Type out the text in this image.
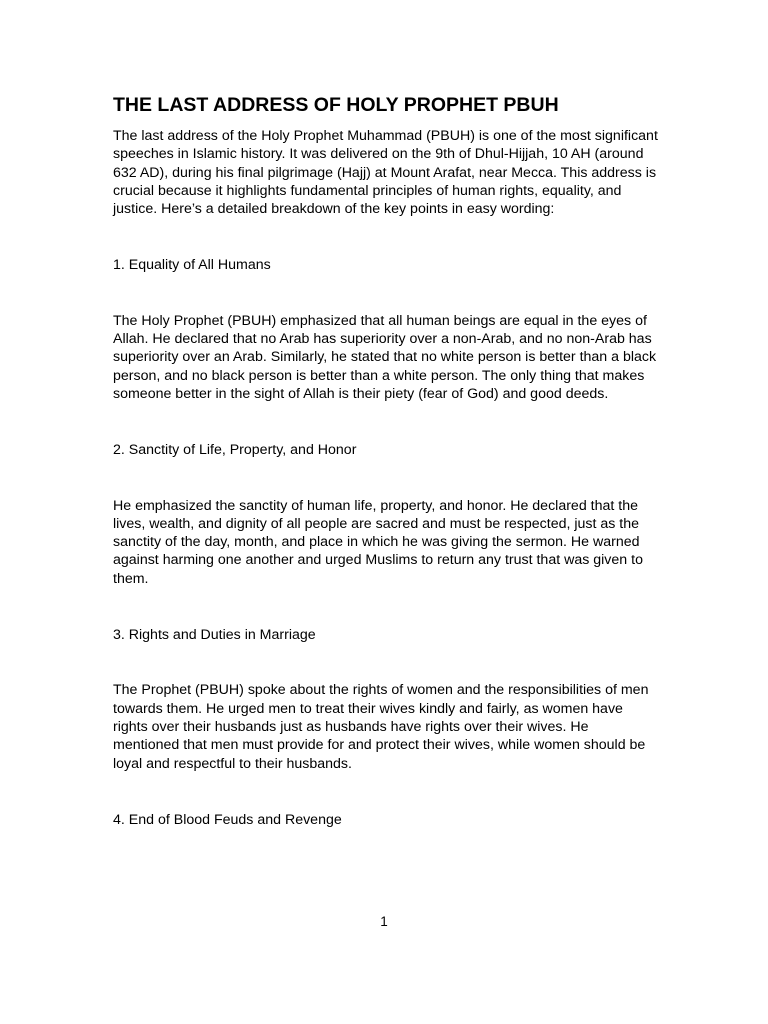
THE LAST ADDRESS OF HOLY PROPHET PBUH

The last address of the Holy Prophet Muhammad (PBUH) is one of the most significant speeches in Islamic history. It was delivered on the 9th of Dhul-Hijjah, 10 AH (around 632 AD), during his final pilgrimage (Hajj) at Mount Arafat, near Mecca. This address is crucial because it highlights fundamental principles of human rights, equality, and justice. Here’s a detailed breakdown of the key points in easy wording:

1. Equality of All Humans

The Holy Prophet (PBUH) emphasized that all human beings are equal in the eyes of Allah. He declared that no Arab has superiority over a non-Arab, and no non-Arab has superiority over an Arab. Similarly, he stated that no white person is better than a black person, and no black person is better than a white person. The only thing that makes someone better in the sight of Allah is their piety (fear of God) and good deeds.

2. Sanctity of Life, Property, and Honor

He emphasized the sanctity of human life, property, and honor. He declared that the lives, wealth, and dignity of all people are sacred and must be respected, just as the sanctity of the day, month, and place in which he was giving the sermon. He warned against harming one another and urged Muslims to return any trust that was given to them.

3. Rights and Duties in Marriage

The Prophet (PBUH) spoke about the rights of women and the responsibilities of men towards them. He urged men to treat their wives kindly and fairly, as women have rights over their husbands just as husbands have rights over their wives. He mentioned that men must provide for and protect their wives, while women should be loyal and respectful to their husbands.

4. End of Blood Feuds and Revenge

1
